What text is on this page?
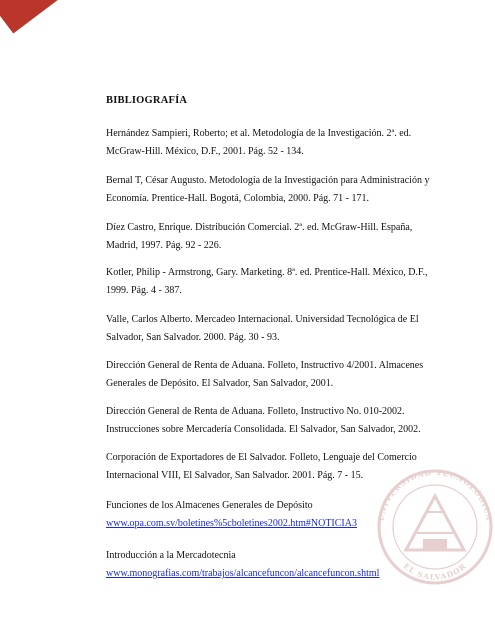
BIBLIOGRAFÍA
Hernández Sampieri, Roberto; et al. Metodología de la Investigación. 2ª. ed.
McGraw-Hill. México, D.F., 2001. Pág. 52 - 134.
Bernal T, César Augusto. Metodología de la Investigación para Administración y
Economía. Prentice-Hall. Bogotá, Colombia, 2000. Pág. 71 - 171.
Díez Castro, Enrique. Distribución Comercial. 2ª. ed. McGraw-Hill. España,
Madrid, 1997. Pág. 92 - 226.
Kotler, Philip - Armstrong, Gary. Marketing. 8ª. ed. Prentice-Hall. México, D.F.,
1999. Pág. 4 - 387.
Valle, Carlos Alberto. Mercadeo Internacional. Universidad Tecnológica de El
Salvador, San Salvador. 2000. Pág. 30 - 93.
Dirección General de Renta de Aduana. Folleto, Instructivo 4/2001. Almacenes
Generales de Depósito. El Salvador, San Salvador, 2001.
Dirección General de Renta de Aduana. Folleto, Instructivo No. 010-2002.
Instrucciones sobre Mercadería Consolidada. El Salvador, San Salvador, 2002.
Corporación de Exportadores de El Salvador. Folleto, Lenguaje del Comercio
Internacional VIII, El Salvador, San Salvador. 2001. Pág. 7 - 15.
Funciones de los Almacenes Generales de Depósito
www.opa.com.sv/boletines%5cboletines2002.htm#NOTICIA3
Introducción a la Mercadotecnia
www.monografias.com/trabajos/alcancefuncon/alcancefuncon.shtml
UNIVERSIDAD TECNOLÓGICA
EL SALVADOR
